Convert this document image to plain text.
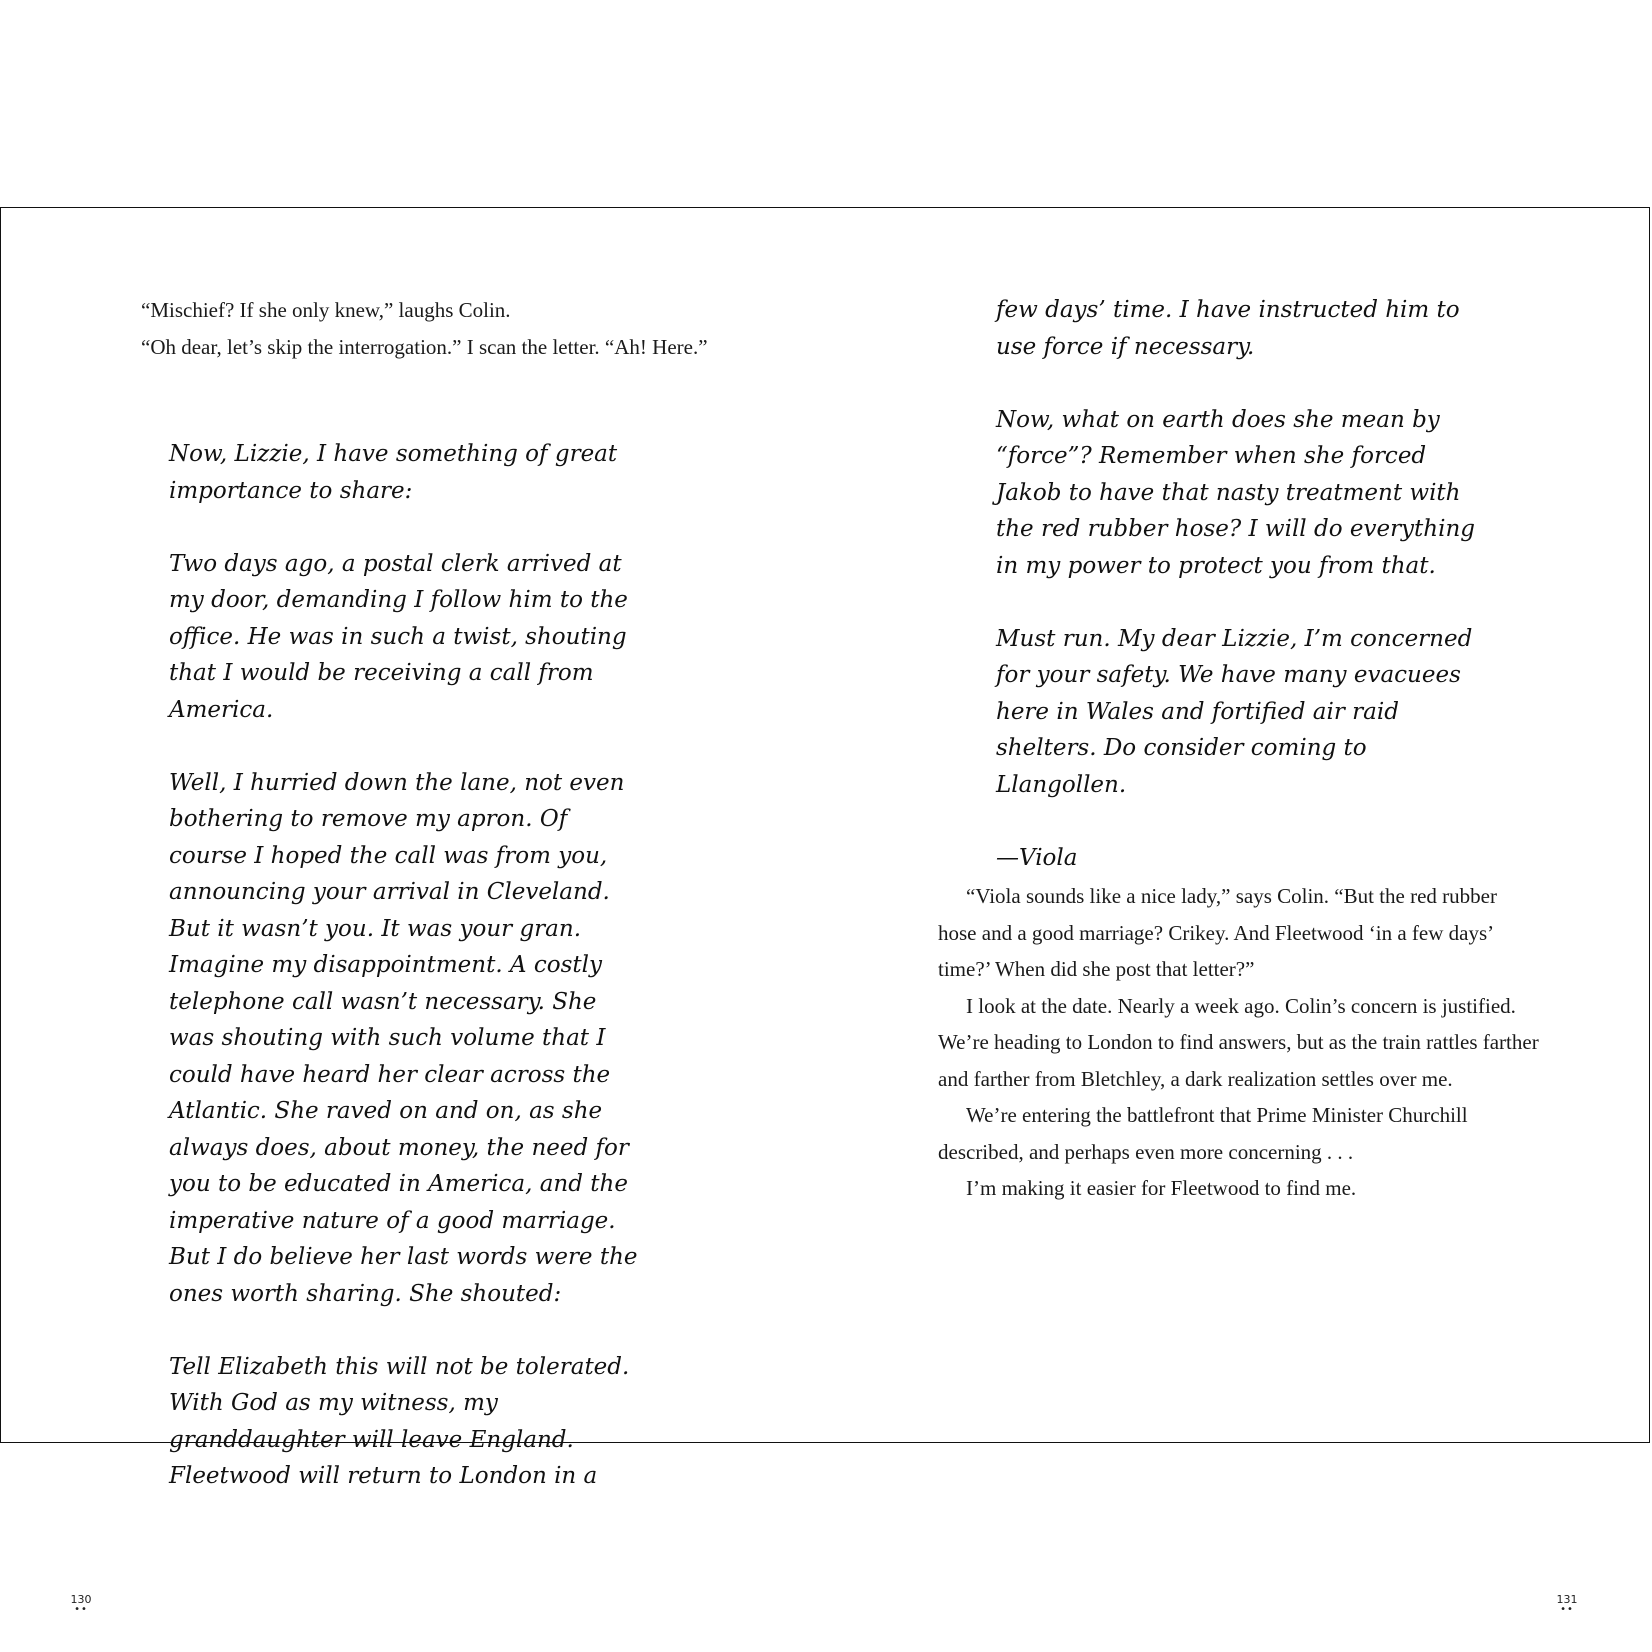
“Mischief? If she only knew,” laughs Colin.

“Oh dear, let’s skip the interrogation.” I scan the letter. “Ah! Here.”

Now, Lizzie, I have something of great importance to share:

Two days ago, a postal clerk arrived at my door, demanding I follow him to the office. He was in such a twist, shouting that I would be receiving a call from America.

Well, I hurried down the lane, not even bothering to remove my apron. Of course I hoped the call was from you, announcing your arrival in Cleveland. But it wasn’t you. It was your gran. Imagine my disappointment. A costly telephone call wasn’t necessary. She was shouting with such volume that I could have heard her clear across the Atlantic. She raved on and on, as she always does, about money, the need for you to be educated in America, and the imperative nature of a good marriage. But I do believe her last words were the ones worth sharing. She shouted:

Tell Elizabeth this will not be tolerated. With God as my witness, my granddaughter will leave England. Fleetwood will return to London in a

130
••

few days’ time. I have instructed him to use force if necessary.

Now, what on earth does she mean by “force”? Remember when she forced Jakob to have that nasty treatment with the red rubber hose? I will do everything in my power to protect you from that.

Must run. My dear Lizzie, I’m concerned for your safety. We have many evacuees here in Wales and fortified air raid shelters. Do consider coming to Llangollen.

—Viola

“Viola sounds like a nice lady,” says Colin. “But the red rubber hose and a good marriage? Crikey. And Fleetwood ‘in a few days’ time?’ When did she post that letter?”

I look at the date. Nearly a week ago. Colin’s concern is justified. We’re heading to London to find answers, but as the train rattles farther and farther from Bletchley, a dark realization settles over me.

We’re entering the battlefront that Prime Minister Churchill described, and perhaps even more concerning . . .

I’m making it easier for Fleetwood to find me.

131
••
